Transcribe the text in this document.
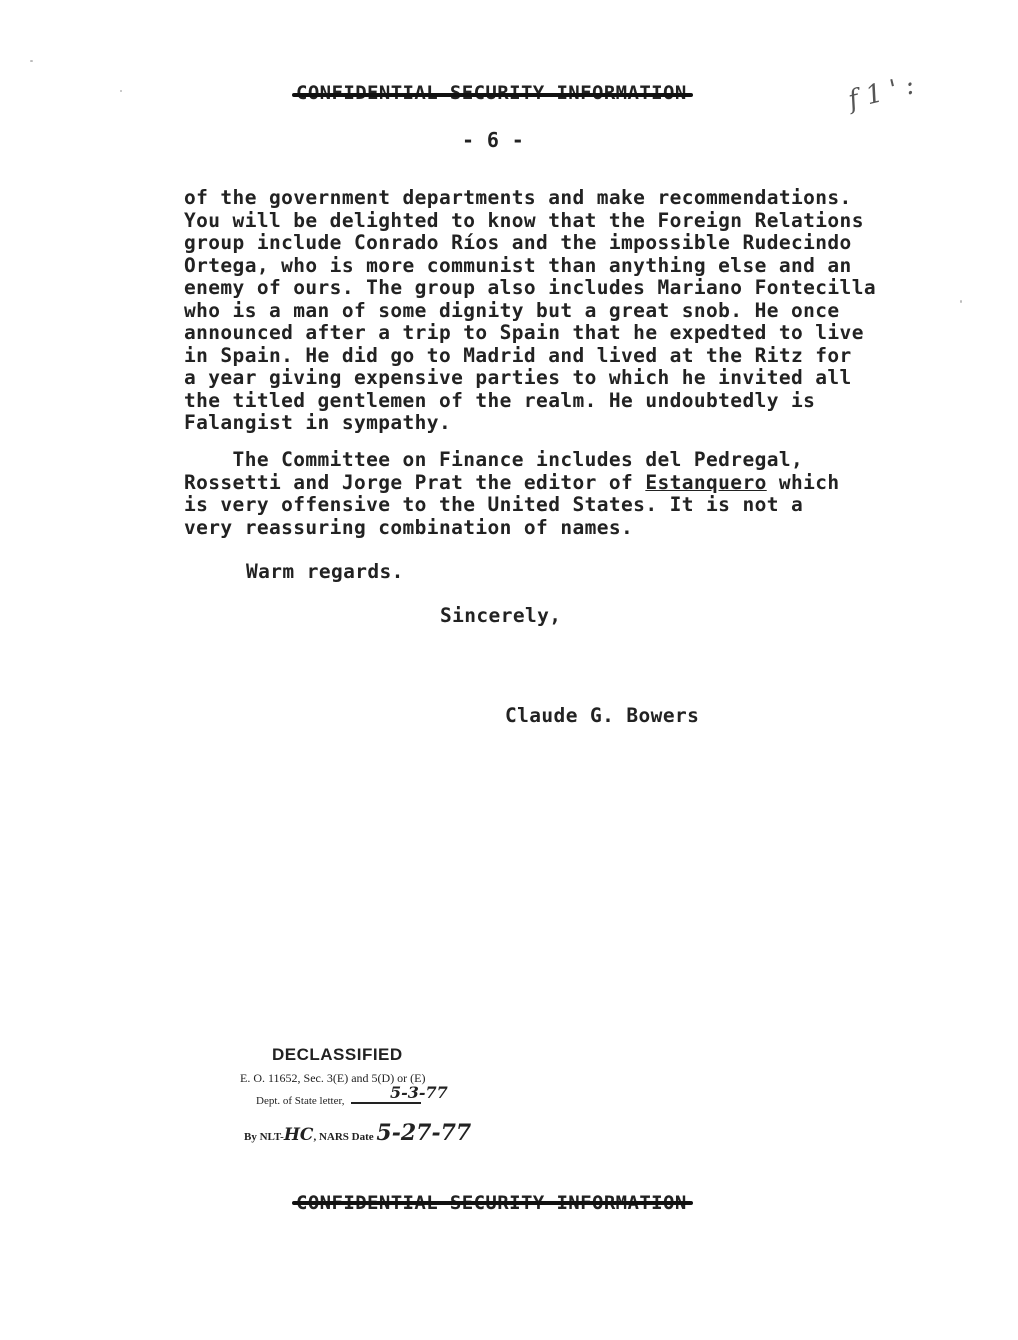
f 1 ' :
- 6 -
of the government departments and make recommendations.
You will be delighted to know that the Foreign Relations
group include Conrado Ríos and the impossible Rudecindo
Ortega, who is more communist than anything else and an
enemy of ours. The group also includes Mariano Fontecilla
who is a man of some dignity but a great snob. He once
announced after a trip to Spain that he expedted to live
in Spain. He did go to Madrid and lived at the Ritz for
a year giving expensive parties to which he invited all
the titled gentlemen of the realm. He undoubtedly is
Falangist in sympathy.
The Committee on Finance includes del Pedregal,
Rossetti and Jorge Prat the editor of Estanquero which
is very offensive to the United States. It is not a
very reassuring combination of names.
Warm regards.
Sincerely,
Claude G. Bowers
DECLASSIFIED
E. O. 11652, Sec. 3(E) and 5(D) or (E)
5-3-77
Dept. of State letter,
By NLT-HC, NARS Date 5-27-77
